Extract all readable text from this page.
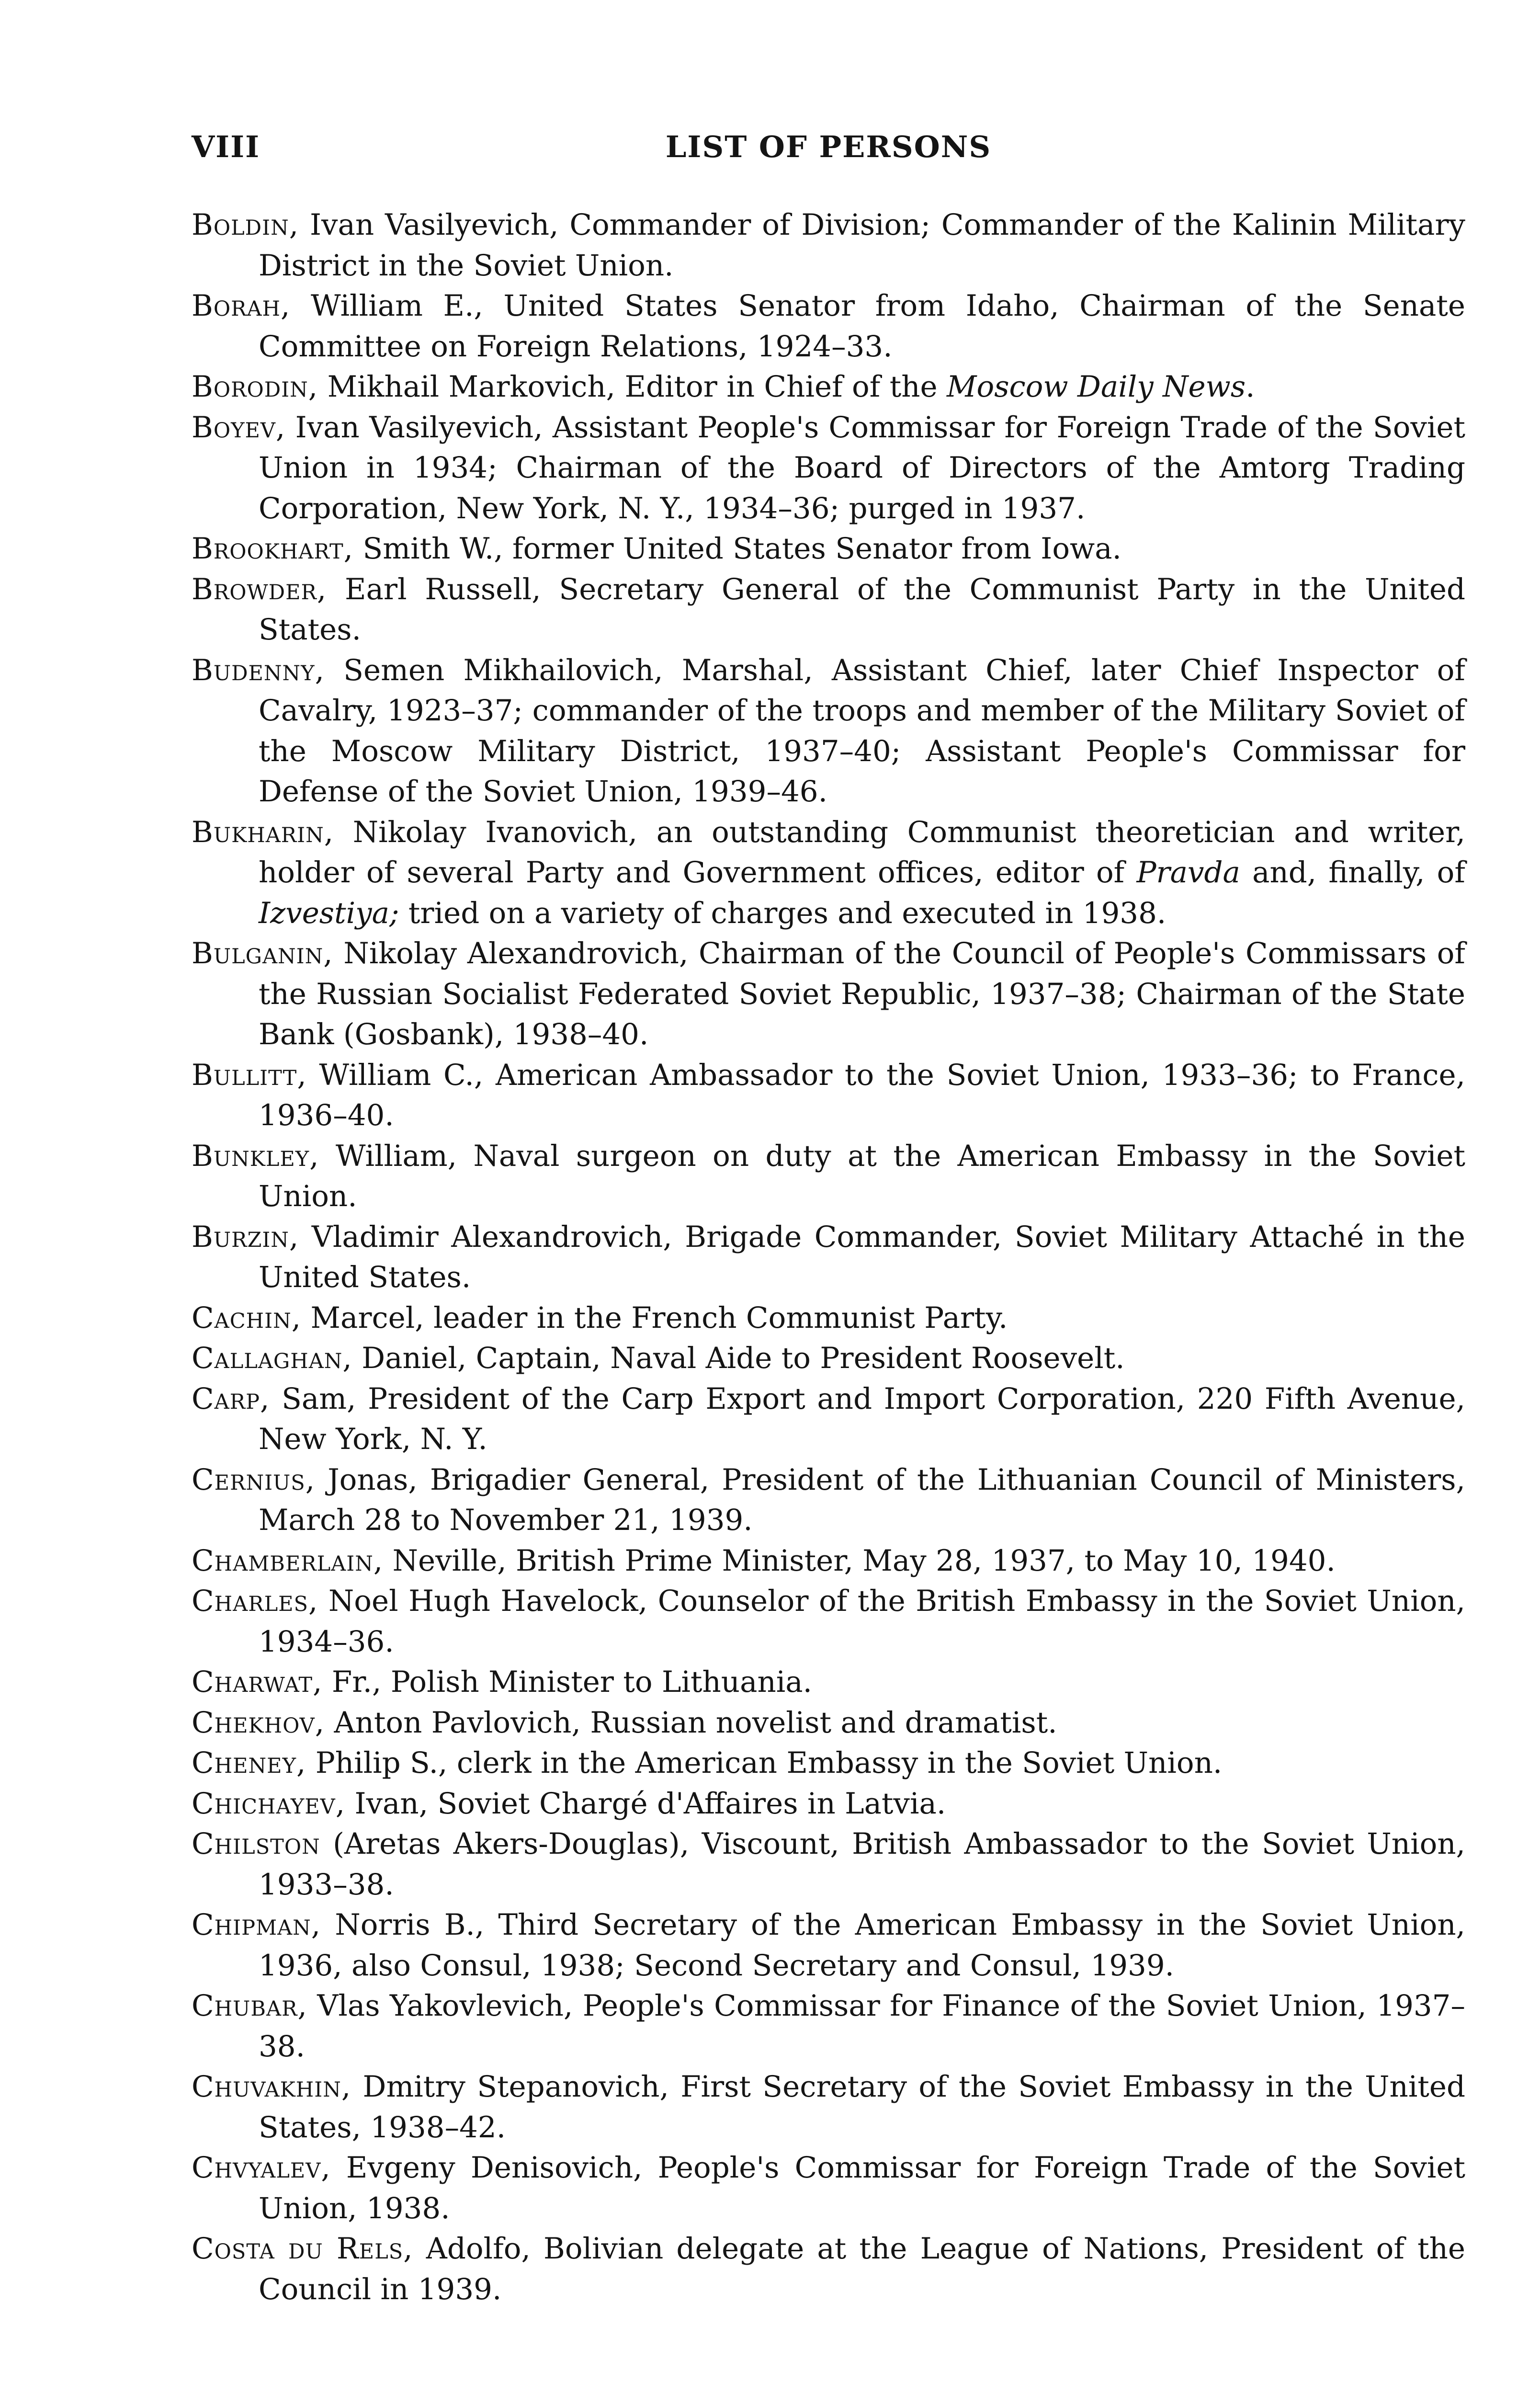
VIII	LIST OF PERSONS

Boldin, Ivan Vasilyevich, Commander of Division; Commander of the Kalinin Military District in the Soviet Union.

Borah, William E., United States Senator from Idaho, Chairman of the Senate Committee on Foreign Relations, 1924–33.

Borodin, Mikhail Markovich, Editor in Chief of the Moscow Daily News.

Boyev, Ivan Vasilyevich, Assistant People's Commissar for Foreign Trade of the Soviet Union in 1934; Chairman of the Board of Directors of the Amtorg Trading Corporation, New York, N. Y., 1934–36; purged in 1937.

Brookhart, Smith W., former United States Senator from Iowa.

Browder, Earl Russell, Secretary General of the Communist Party in the United States.

Budenny, Semen Mikhailovich, Marshal, Assistant Chief, later Chief Inspector of Cavalry, 1923–37; commander of the troops and member of the Military Soviet of the Moscow Military District, 1937–40; Assistant People's Commissar for Defense of the Soviet Union, 1939–46.

Bukharin, Nikolay Ivanovich, an outstanding Communist theoretician and writer, holder of several Party and Government offices, editor of Pravda and, finally, of Izvestiya; tried on a variety of charges and executed in 1938.

Bulganin, Nikolay Alexandrovich, Chairman of the Council of People's Commissars of the Russian Socialist Federated Soviet Republic, 1937–38; Chairman of the State Bank (Gosbank), 1938–40.

Bullitt, William C., American Ambassador to the Soviet Union, 1933–36; to France, 1936–40.

Bunkley, William, Naval surgeon on duty at the American Embassy in the Soviet Union.

Burzin, Vladimir Alexandrovich, Brigade Commander, Soviet Military Attaché in the United States.

Cachin, Marcel, leader in the French Communist Party.

Callaghan, Daniel, Captain, Naval Aide to President Roosevelt.

Carp, Sam, President of the Carp Export and Import Corporation, 220 Fifth Avenue, New York, N. Y.

Cernius, Jonas, Brigadier General, President of the Lithuanian Council of Ministers, March 28 to November 21, 1939.

Chamberlain, Neville, British Prime Minister, May 28, 1937, to May 10, 1940.

Charles, Noel Hugh Havelock, Counselor of the British Embassy in the Soviet Union, 1934–36.

Charwat, Fr., Polish Minister to Lithuania.

Chekhov, Anton Pavlovich, Russian novelist and dramatist.

Cheney, Philip S., clerk in the American Embassy in the Soviet Union.

Chichayev, Ivan, Soviet Chargé d'Affaires in Latvia.

Chilston (Aretas Akers-Douglas), Viscount, British Ambassador to the Soviet Union, 1933–38.

Chipman, Norris B., Third Secretary of the American Embassy in the Soviet Union, 1936, also Consul, 1938; Second Secretary and Consul, 1939.

Chubar, Vlas Yakovlevich, People's Commissar for Finance of the Soviet Union, 1937–38.

Chuvakhin, Dmitry Stepanovich, First Secretary of the Soviet Embassy in the United States, 1938–42.

Chvyalev, Evgeny Denisovich, People's Commissar for Foreign Trade of the Soviet Union, 1938.

Costa du Rels, Adolfo, Bolivian delegate at the League of Nations, President of the Council in 1939.
